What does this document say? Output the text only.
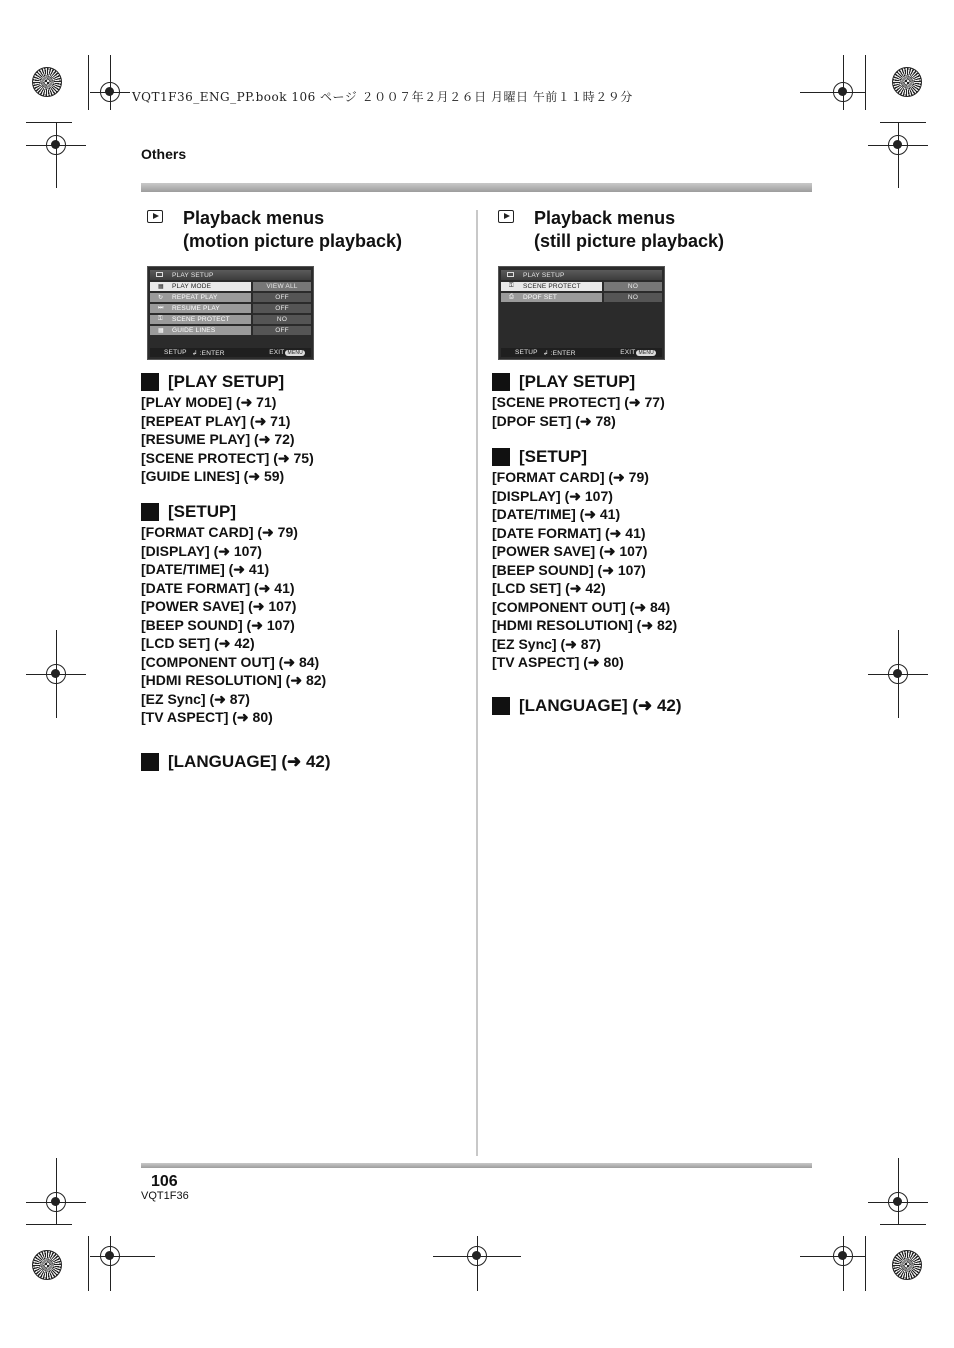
VQT1F36_ENG_PP.book 106 ページ ２００７年２月２６日 月曜日 午前１１時２９分
Others
Playback menus
(motion picture playback)
PLAY SETUP
▦ PLAY MODE	VIEW ALL
↻ REPEAT PLAY	OFF
⏭ RESUME PLAY	OFF
⚿ SCENE PROTECT	NO
▦ GUIDE LINES	OFF
SETUP ↲ :ENTER	EXIT MENU

[PLAY SETUP]

[PLAY MODE] (➜ 71)
[REPEAT PLAY] (➜ 71)
[RESUME PLAY] (➜ 72)
[SCENE PROTECT] (➜ 75)
[GUIDE LINES] (➜ 59)

[SETUP]

[FORMAT CARD] (➜ 79)
[DISPLAY] (➜ 107)
[DATE/TIME] (➜ 41)
[DATE FORMAT] (➜ 41)
[POWER SAVE] (➜ 107)
[BEEP SOUND] (➜ 107)
[LCD SET] (➜ 42)
[COMPONENT OUT] (➜ 84)
[HDMI RESOLUTION] (➜ 82)
[EZ Sync] (➜ 87)
[TV ASPECT] (➜ 80)

[LANGUAGE] (➜ 42)

Playback menus
(still picture playback)
PLAY SETUP
⚿ SCENE PROTECT	NO
⎙ DPOF SET	NO
SETUP ↲ :ENTER	EXIT MENU

[PLAY SETUP]

[SCENE PROTECT] (➜ 77)
[DPOF SET] (➜ 78)

[SETUP]

[FORMAT CARD] (➜ 79)
[DISPLAY] (➜ 107)
[DATE/TIME] (➜ 41)
[DATE FORMAT] (➜ 41)
[POWER SAVE] (➜ 107)
[BEEP SOUND] (➜ 107)
[LCD SET] (➜ 42)
[COMPONENT OUT] (➜ 84)
[HDMI RESOLUTION] (➜ 82)
[EZ Sync] (➜ 87)
[TV ASPECT] (➜ 80)

[LANGUAGE] (➜ 42)

106
VQT1F36
